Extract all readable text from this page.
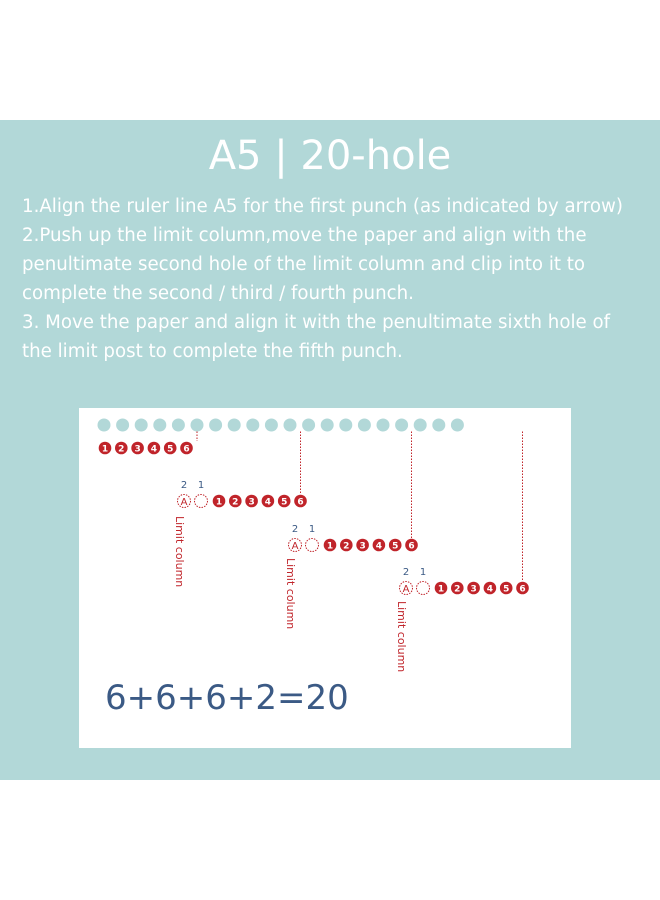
A5 | 20-hole

1.Align the ruler line A5 for the first punch (as indicated by arrow)

2.Push up the limit column,move the paper and align with the penultimate second hole of the limit column and clip into it to complete the second / third / fourth punch.

3. Move the paper and align it with the penultimate sixth hole of the limit post to complete the fifth punch.

1 2 3 4 5 6
2 1
A	1 2 3 4 5 6
2 1
A	1 2 3 4 5 6
2 1
A	1 2 3 4 5 6
Limit column
Limit column
Limit column
6+6+6+2=20
